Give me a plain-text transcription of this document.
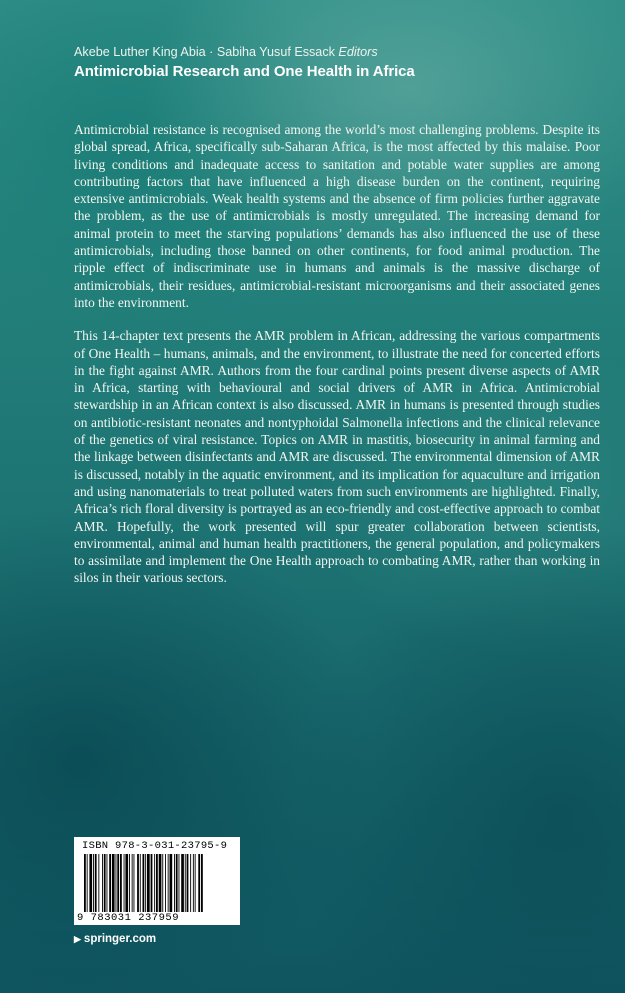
Akebe Luther King Abia · Sabiha Yusuf Essack Editors
Antimicrobial Research and One Health in Africa

Antimicrobial resistance is recognised among the world’s most challenging problems. Despite its global spread, Africa, specifically sub-Saharan Africa, is the most affected by this malaise. Poor living conditions and inadequate access to sanitation and potable water supplies are among contributing factors that have influenced a high disease burden on the continent, requiring extensive antimicrobials. Weak health systems and the absence of firm policies further aggravate the problem, as the use of antimicrobials is mostly unregulated. The increasing demand for animal protein to meet the starving populations’ demands has also influenced the use of these antimicrobials, including those banned on other continents, for food animal production. The ripple effect of indiscriminate use in humans and animals is the massive discharge of antimicrobials, their residues, antimicrobial-resistant microorganisms and their associated genes into the environment.

This 14-chapter text presents the AMR problem in African, addressing the various compartments of One Health – humans, animals, and the environment, to illustrate the need for concerted efforts in the fight against AMR. Authors from the four cardinal points present diverse aspects of AMR in Africa, starting with behavioural and social drivers of AMR in Africa. Antimicrobial stewardship in an African context is also discussed. AMR in humans is presented through studies on antibiotic-resistant neonates and nontyphoidal Salmonella infections and the clinical relevance of the genetics of viral resistance. Topics on AMR in mastitis, biosecurity in animal farming and the linkage between disinfectants and AMR are discussed. The environmental dimension of AMR is discussed, notably in the aquatic environment, and its implication for aquaculture and irrigation and using nanomaterials to treat polluted waters from such environments are highlighted. Finally, Africa’s rich floral diversity is portrayed as an eco-friendly and cost-effective approach to combat AMR. Hopefully, the work presented will spur greater collaboration between scientists, environmental, animal and human health practitioners, the general population, and policymakers to assimilate and implement the One Health approach to combating AMR, rather than working in silos in their various sectors.

ISBN 978-3-031-23795-9
9 783031 237959
▶ springer.com
